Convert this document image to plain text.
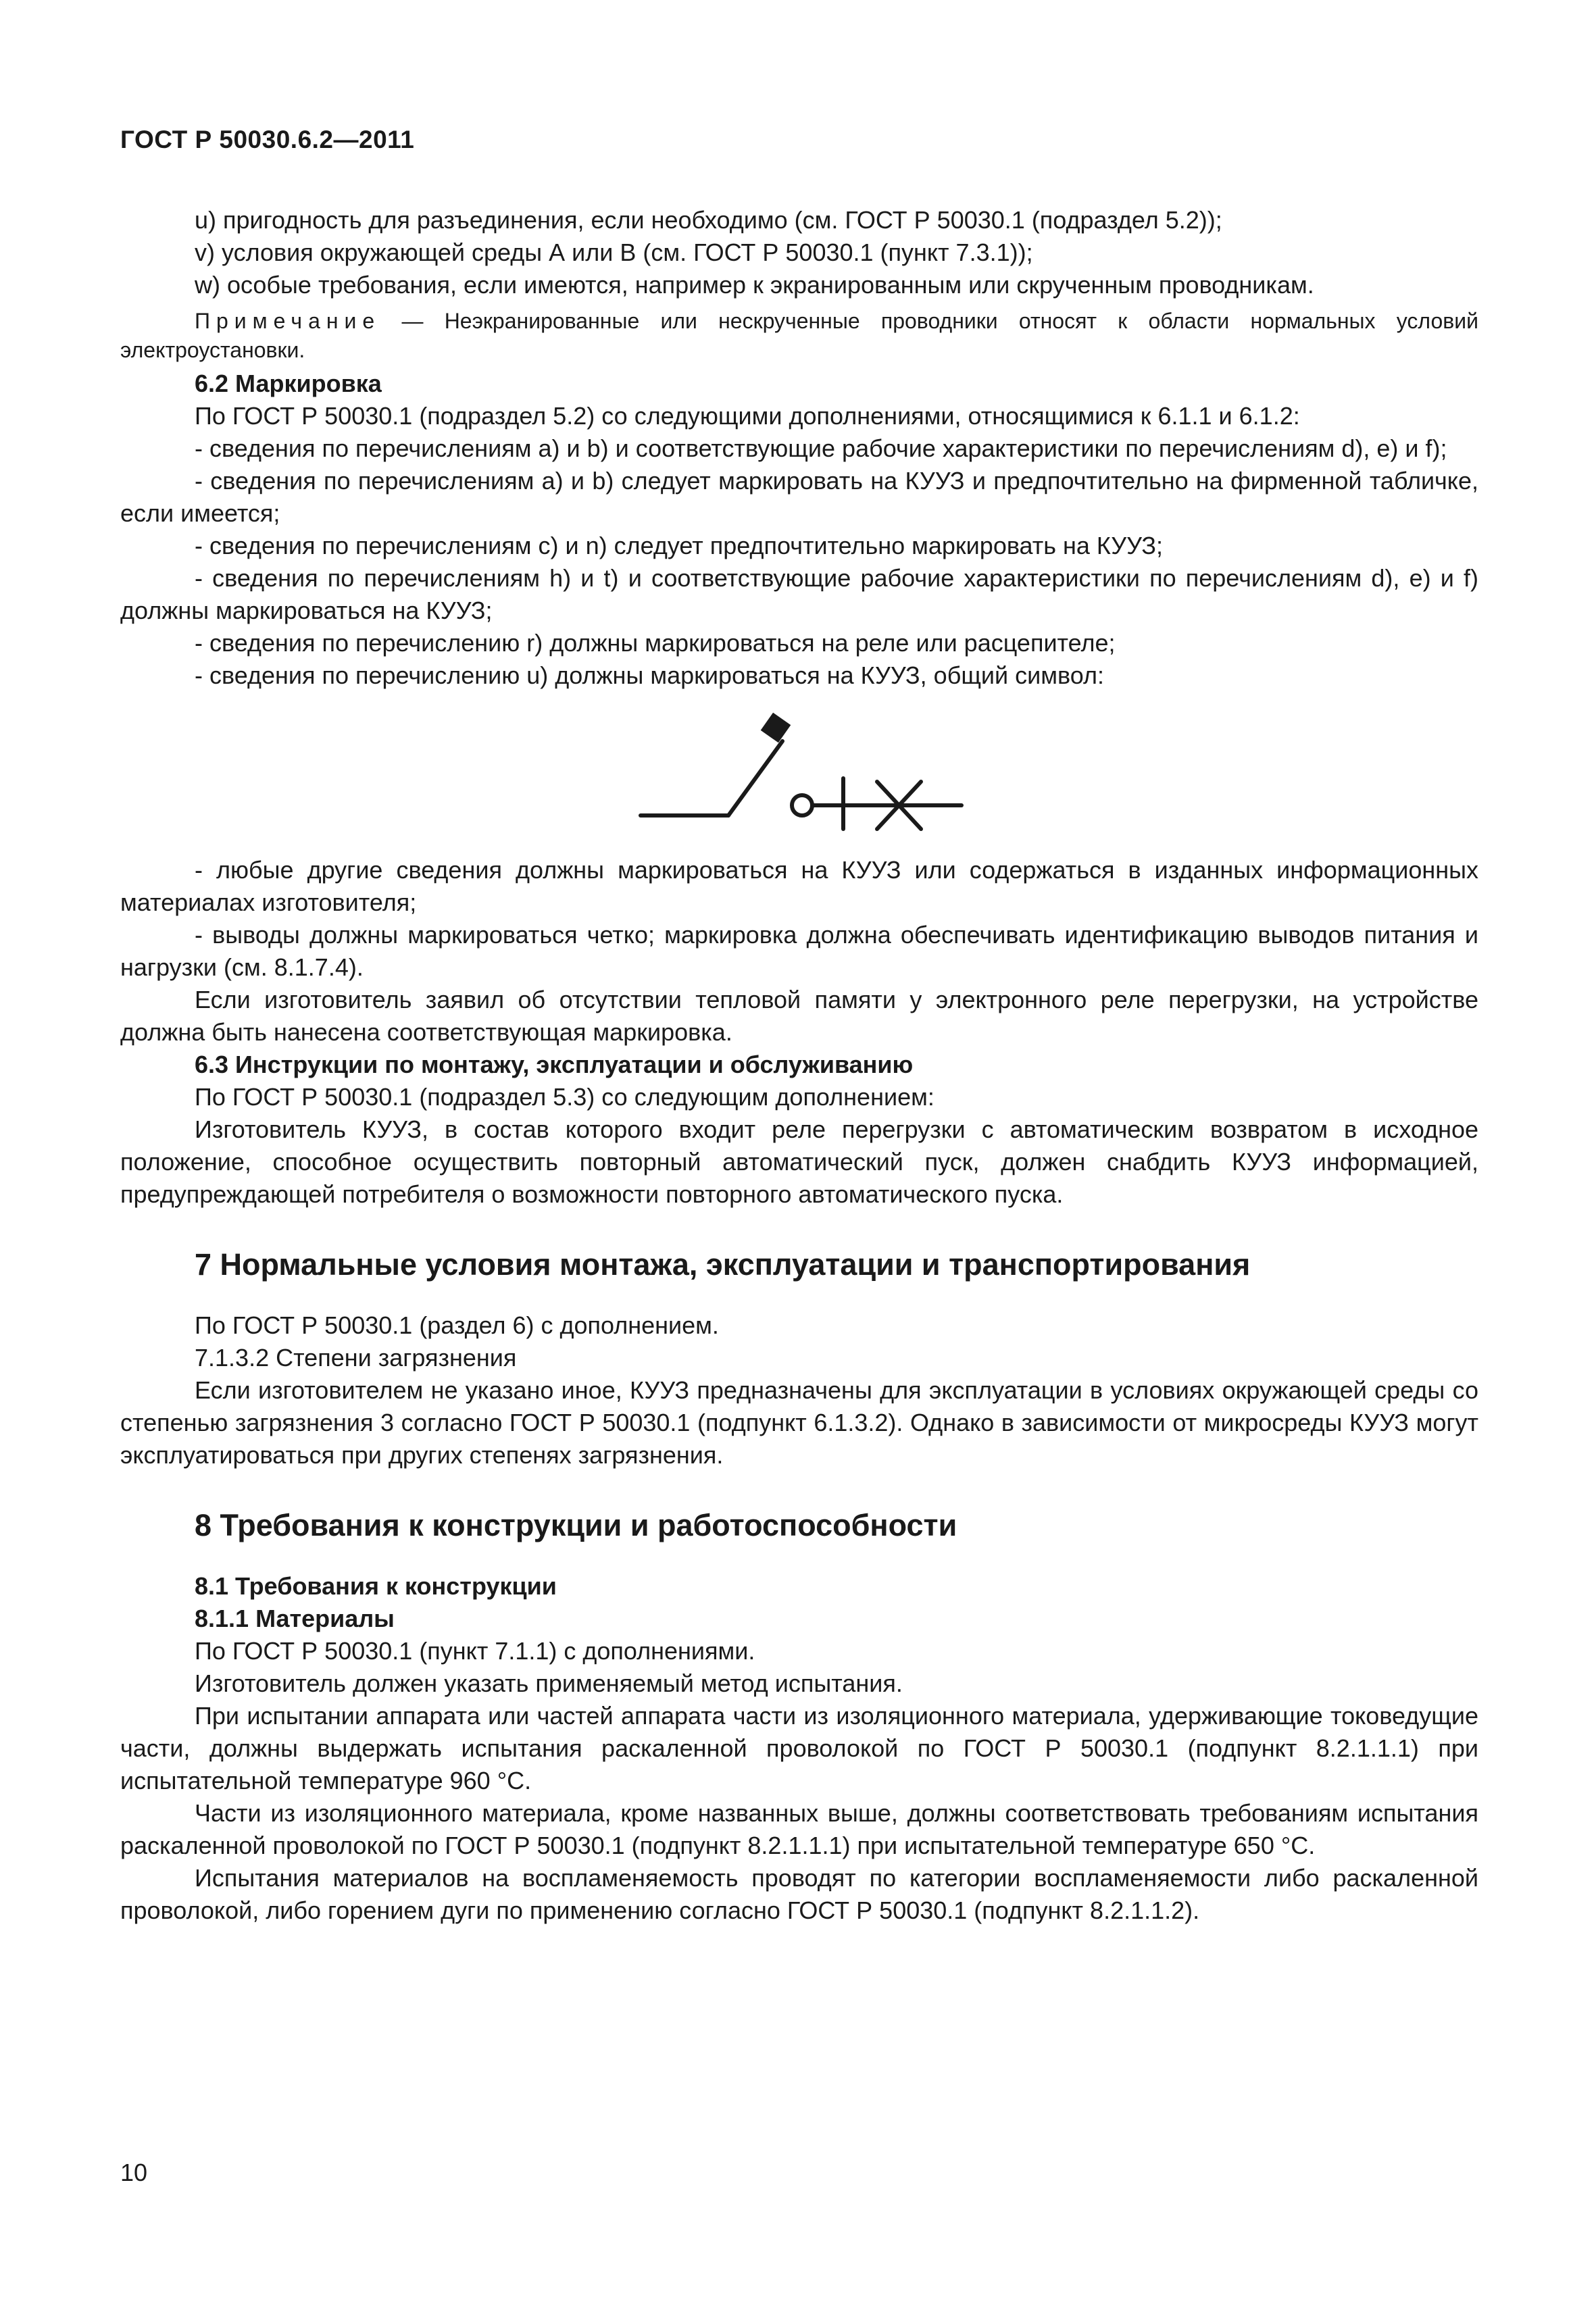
ГОСТ Р 50030.6.2—2011

u) пригодность для разъединения, если необходимо (см. ГОСТ Р 50030.1 (подраздел 5.2));

v) условия окружающей среды А или В (см. ГОСТ Р 50030.1 (пункт 7.3.1));

w) особые требования, если имеются, например к экранированным или скрученным проводникам.

Примечание — Неэкранированные или нескрученные проводники относят к области нормальных условий электроустановки.

6.2 Маркировка

По ГОСТ Р 50030.1 (подраздел 5.2) со следующими дополнениями, относящимися к 6.1.1 и 6.1.2:

- сведения по перечислениям а) и b) и соответствующие рабочие характеристики по перечислениям d), е) и f);

- сведения по перечислениям а) и b) следует маркировать на КУУЗ и предпочтительно на фирменной табличке, если имеется;

- сведения по перечислениям с) и n) следует предпочтительно маркировать на КУУЗ;

- сведения по перечислениям h) и t) и соответствующие рабочие характеристики по перечислениям d), е) и f) должны маркироваться на КУУЗ;

- сведения по перечислению r) должны маркироваться на реле или расцепителе;

- сведения по перечислению u) должны маркироваться на КУУЗ, общий символ:

- любые другие сведения должны маркироваться на КУУЗ или содержаться в изданных информационных материалах изготовителя;

- выводы должны маркироваться четко; маркировка должна обеспечивать идентификацию выводов питания и нагрузки (см. 8.1.7.4).

Если изготовитель заявил об отсутствии тепловой памяти у электронного реле перегрузки, на устройстве должна быть нанесена соответствующая маркировка.

6.3 Инструкции по монтажу, эксплуатации и обслуживанию

По ГОСТ Р 50030.1 (подраздел 5.3) со следующим дополнением:

Изготовитель КУУЗ, в состав которого входит реле перегрузки с автоматическим возвратом в исходное положение, способное осуществить повторный автоматический пуск, должен снабдить КУУЗ информацией, предупреждающей потребителя о возможности повторного автоматического пуска.

7 Нормальные условия монтажа, эксплуатации и транспортирования

По ГОСТ Р 50030.1 (раздел 6) с дополнением.

7.1.3.2 Степени загрязнения

Если изготовителем не указано иное, КУУЗ предназначены для эксплуатации в условиях окружающей среды со степенью загрязнения 3 согласно ГОСТ Р 50030.1 (подпункт 6.1.3.2). Однако в зависимости от микросреды КУУЗ могут эксплуатироваться при других степенях загрязнения.

8 Требования к конструкции и работоспособности

8.1 Требования к конструкции

8.1.1 Материалы

По ГОСТ Р 50030.1 (пункт 7.1.1) с дополнениями.

Изготовитель должен указать применяемый метод испытания.

При испытании аппарата или частей аппарата части из изоляционного материала, удерживающие токоведущие части, должны выдержать испытания раскаленной проволокой по ГОСТ Р 50030.1 (подпункт 8.2.1.1.1) при испытательной температуре 960 °С.

Части из изоляционного материала, кроме названных выше, должны соответствовать требованиям испытания раскаленной проволокой по ГОСТ Р 50030.1 (подпункт 8.2.1.1.1) при испытательной температуре 650 °С.

Испытания материалов на воспламеняемость проводят по категории воспламеняемости либо раскаленной проволокой, либо горением дуги по применению согласно ГОСТ Р 50030.1 (подпункт 8.2.1.1.2).

10
